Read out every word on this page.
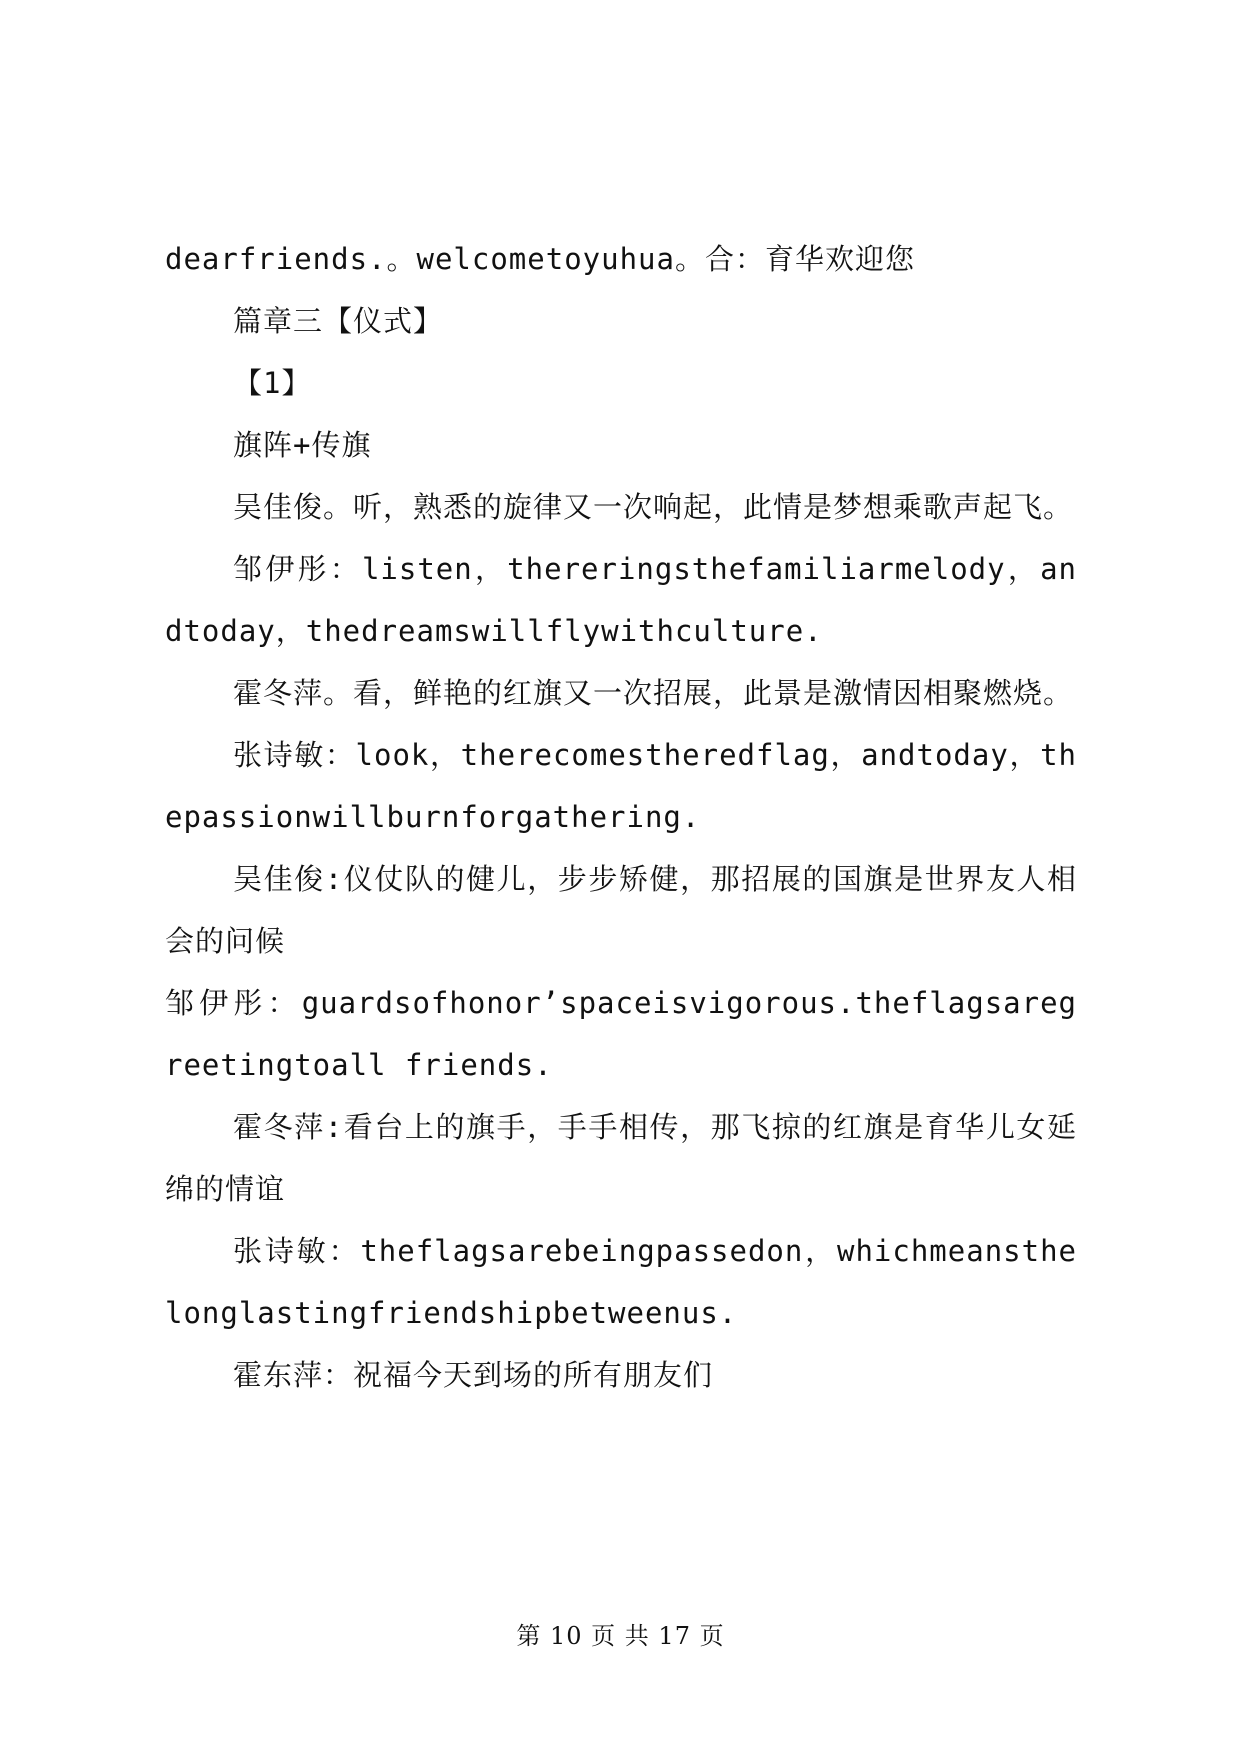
dearfriends.。welcometoyuhua。合：育华欢迎您

篇章三【仪式】

【1】

旗阵+传旗

吴佳俊。听，熟悉的旋律又一次响起，此情是梦想乘歌声起飞。

邹伊彤：listen，thereringsthefamiliarmelody，andtoday，thedreamswillflywithculture.

霍冬萍。看，鲜艳的红旗又一次招展，此景是激情因相聚燃烧。

张诗敏：look，therecomestheredflag，andtoday，thepassionwillburnforgathering.

吴佳俊:仪仗队的健儿，步步矫健，那招展的国旗是世界友人相会的问候

邹伊彤：guardsofhonor’spaceisvigorous.theflagsaregreetingtoall friends.

霍冬萍:看台上的旗手，手手相传，那飞掠的红旗是育华儿女延绵的情谊

张诗敏：theflagsarebeingpassedon，whichmeansthelonglastingfriendshipbetweenus.

霍东萍：祝福今天到场的所有朋友们

第 10 页 共 17 页
